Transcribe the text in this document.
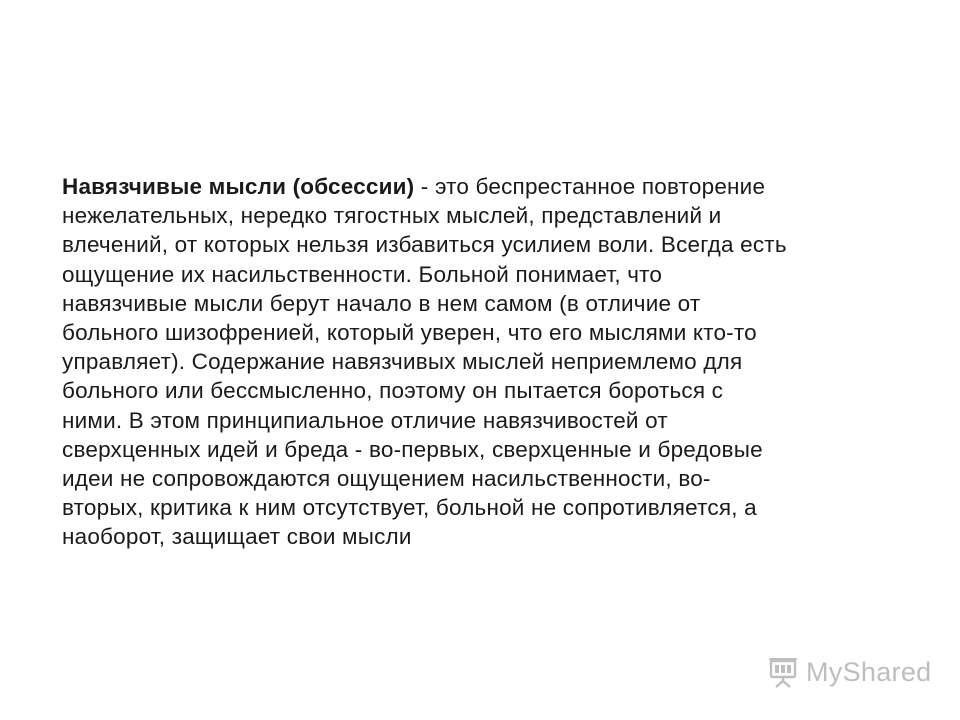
Навязчивые мысли (обсессии) - это беспрестанное повторение
нежелательных, нередко тягостных мыслей, представлений и
влечений, от которых нельзя избавиться усилием воли. Всегда есть
ощущение их насильственности. Больной понимает, что
навязчивые мысли берут начало в нем самом (в отличие от
больного шизофренией, который уверен, что его мыслями кто-то
управляет). Содержание навязчивых мыслей неприемлемо для
больного или бессмысленно, поэтому он пытается бороться с
ними. В этом принципиальное отличие навязчивостей от
сверхценных идей и бреда - во-первых, сверхценные и бредовые
идеи не сопровождаются ощущением насильственности, во-
вторых, критика к ним отсутствует, больной не сопротивляется, а
наоборот, защищает свои мысли
MyShared
